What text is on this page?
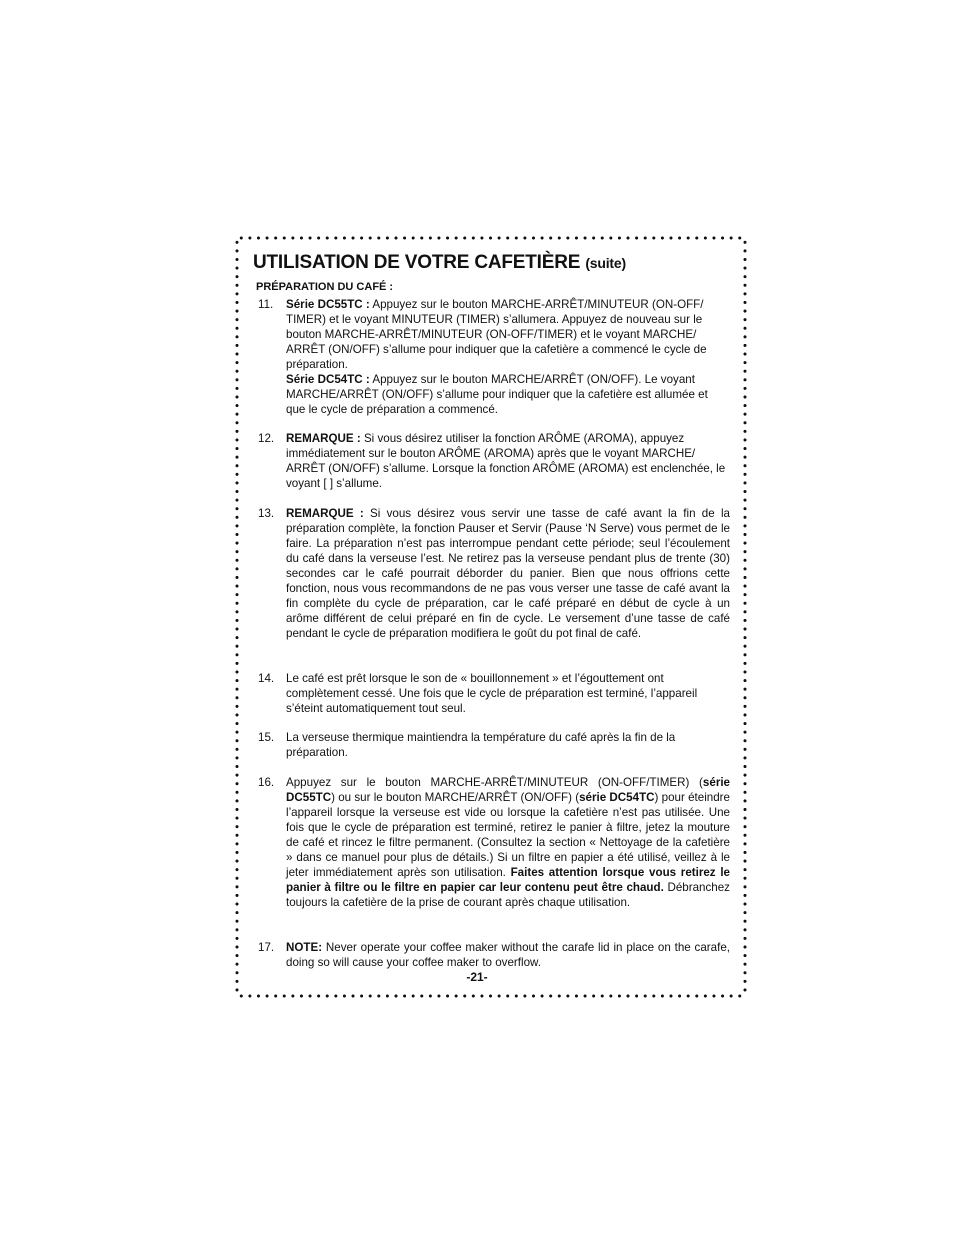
UTILISATION DE VOTRE CAFETIÈRE (suite)
PRÉPARATION DU CAFÉ :
11.	Série DC55TC : Appuyez sur le bouton MARCHE-ARRÊT/MINUTEUR (ON-OFF/ TIMER) et le voyant MINUTEUR (TIMER) s’allumera. Appuyez de nouveau sur le bouton MARCHE-ARRÊT/MINUTEUR (ON-OFF/TIMER) et le voyant MARCHE/ ARRÊT (ON/OFF) s’allume pour indiquer que la cafetière a commencé le cycle de préparation.

Série DC54TC : Appuyez sur le bouton MARCHE/ARRÊT (ON/OFF). Le voyant MARCHE/ARRÊT (ON/OFF) s’allume pour indiquer que la cafetière est allumée et que le cycle de préparation a commencé.

12.	REMARQUE : Si vous désirez utiliser la fonction ARÔME (AROMA), appuyez immédiatement sur le bouton ARÔME (AROMA) après que le voyant MARCHE/ ARRÊT (ON/OFF) s’allume. Lorsque la fonction ARÔME (AROMA) est enclenchée, le voyant [ ] s’allume.

13.	REMARQUE : Si vous désirez vous servir une tasse de café avant la fin de la préparation complète, la fonction Pauser et Servir (Pause ‘N Serve) vous permet de le faire. La préparation n’est pas interrompue pendant cette période; seul l’écoulement du café dans la verseuse l’est. Ne retirez pas la verseuse pendant plus de trente (30) secondes car le café pourrait déborder du panier. Bien que nous offrions cette fonction, nous vous recommandons de ne pas vous verser une tasse de café avant la fin complète du cycle de préparation, car le café préparé en début de cycle à un arôme différent de celui préparé en fin de cycle. Le versement d’une tasse de café pendant le cycle de préparation modifiera le goût du pot final de café.

14.	Le café est prêt lorsque le son de « bouillonnement » et l’égouttement ont complètement cessé. Une fois que le cycle de préparation est terminé, l’appareil s’éteint automatiquement tout seul.

15.	La verseuse thermique maintiendra la température du café après la fin de la préparation.

16.	Appuyez sur le bouton MARCHE-ARRÊT/MINUTEUR (ON-OFF/TIMER) (série DC55TC) ou sur le bouton MARCHE/ARRÊT (ON/OFF) (série DC54TC) pour éteindre l’appareil lorsque la verseuse est vide ou lorsque la cafetière n’est pas utilisée. Une fois que le cycle de préparation est terminé, retirez le panier à filtre, jetez la mouture de café et rincez le filtre permanent. (Consultez la section « Nettoyage de la cafetière » dans ce manuel pour plus de détails.) Si un filtre en papier a été utilisé, veillez à le jeter immédiatement après son utilisation. Faites attention lorsque vous retirez le panier à filtre ou le filtre en papier car leur contenu peut être chaud. Débranchez toujours la cafetière de la prise de courant après chaque utilisation.

17.	NOTE: Never operate your coffee maker without the carafe lid in place on the carafe, doing so will cause your coffee maker to overflow.

-21-
